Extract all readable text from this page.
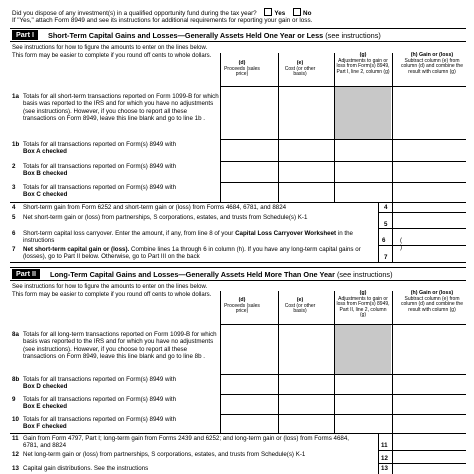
Did you dispose of any investment(s) in a qualified opportunity fund during the tax year?	Yes	No
If "Yes," attach Form 8949 and see its instructions for additional requirements for reporting your gain or loss.
Part I	Short-Term Capital Gains and Losses—Generally Assets Held One Year or Less (see instructions)
See instructions for how to figure the amounts to enter on the lines below. This form may be easier to complete if you round off cents to whole dollars.
(d)
Proceeds (sales price)
(e)
Cost (or other basis)
(g)
Adjustments to gain or loss from Form(s) 8949, Part I, line 2, column (g)
(h) Gain or (loss)
Subtract column (e) from column (d) and combine the result with column (g)
1a Totals for all short-term transactions reported on Form 1099-B for which basis was reported to the IRS and for which you have no adjustments (see instructions). However, if you choose to report all these transactions on Form 8949, leave this line blank and go to line 1b .
1b Totals for all transactions reported on Form(s) 8949 with
Box A checked
2 Totals for all transactions reported on Form(s) 8949 with
Box B checked
3 Totals for all transactions reported on Form(s) 8949 with
Box C checked
4 Short-term gain from Form 6252 and short-term gain or (loss) from Forms 4684, 6781, and 8824
5 Net short-term gain or (loss) from partnerships, S corporations, estates, and trusts from Schedule(s) K-1
6 Short-term capital loss carryover. Enter the amount, if any, from line 8 of your Capital Loss Carryover Worksheet in the instructions
7 Net short-term capital gain or (loss). Combine lines 1a through 6 in column (h). If you have any long-term capital gains or (losses), go to Part II below. Otherwise, go to Part III on the back
4
5
6
7
( )
Part II	Long-Term Capital Gains and Losses—Generally Assets Held More Than One Year (see instructions)
See instructions for how to figure the amounts to enter on the lines below. This form may be easier to complete if you round off cents to whole dollars.
(d)
Proceeds (sales price)
(e)
Cost (or other basis)
(g)
Adjustments to gain or loss from Form(s) 8949, Part II, line 2, column (g)
(h) Gain or (loss)
Subtract column (e) from column (d) and combine the result with column (g)
8a Totals for all long-term transactions reported on Form 1099-B for which basis was reported to the IRS and for which you have no adjustments (see instructions). However, if you choose to report all these transactions on Form 8949, leave this line blank and go to line 8b .
8b Totals for all transactions reported on Form(s) 8949 with
Box D checked
9 Totals for all transactions reported on Form(s) 8949 with
Box E checked
10 Totals for all transactions reported on Form(s) 8949 with
Box F checked
11 Gain from Form 4797, Part I; long-term gain from Forms 2439 and 6252; and long-term gain or (loss) from Forms 4684, 6781, and 8824
12 Net long-term gain or (loss) from partnerships, S corporations, estates, and trusts from Schedule(s) K-1
13 Capital gain distributions. See the instructions
11
12
13
